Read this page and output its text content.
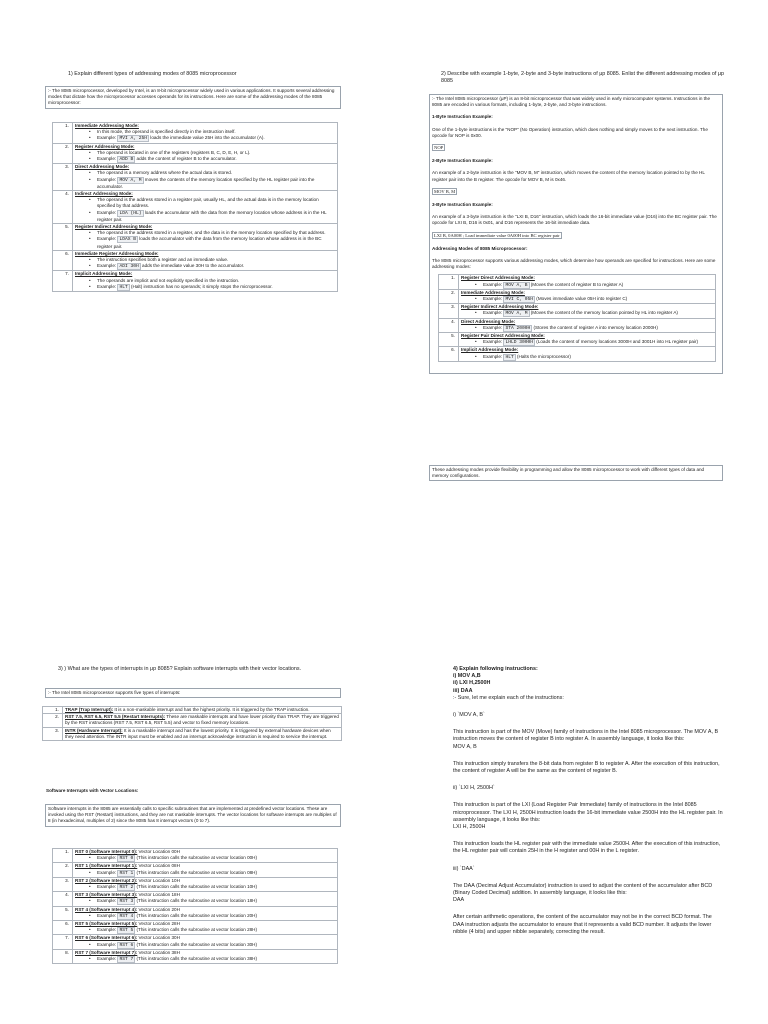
1) Explain different types of addressing modes of 8085 microprocessor
:- The 8085 microprocessor, developed by Intel, is an 8-bit microprocessor widely used in various applications. It supports several addressing modes that dictate how the microprocessor accesses operands for its instructions. Here are some of the addressing modes of the 8085 microprocessor:
1.	Immediate Addressing Mode:
• In this mode, the operand is specified directly in the instruction itself.
• Example: MVI A, 25H loads the immediate value 25H into the accumulator (A).

2.	Register Addressing Mode:
• The operand is located in one of the registers (registers B, C, D, E, H, or L).
• Example: ADD B adds the content of register B to the accumulator.

3.	Direct Addressing Mode:
• The operand is a memory address where the actual data is stored.
• Example: MOV A, M moves the contents of the memory location specified by the HL register pair into the accumulator.

4.	Indirect Addressing Mode:
• The operand is the address stored in a register pair, usually HL, and the actual data is in the memory location specified by that address.
• Example: LDA (HL) loads the accumulator with the data from the memory location whose address is in the HL register pair.

5.	Register Indirect Addressing Mode:
• The operand is the address stored in a register, and the data is in the memory location specified by that address.
• Example: LDAX B loads the accumulator with the data from the memory location whose address is in the BC register pair.

6.	Immediate Register Addressing Mode:
• The instruction specifies both a register and an immediate value.
• Example: ADI 30H adds the immediate value 30H to the accumulator.

7.	Implicit Addressing Mode:
• The operands are implicit and not explicitly specified in the instruction.
• Example: HLT (Halt) instruction has no operands; it simply stops the microprocessor.
2) Describe with example 1-byte, 2-byte and 3-byte instructions of μp 8085. Enlist the different addressing modes of μp 8085

:- The Intel 8085 microprocessor (μP) is an 8-bit microprocessor that was widely used in early microcomputer systems. Instructions in the 8085 are encoded in various formats, including 1-byte, 2-byte, and 3-byte instructions.

1-Byte Instruction Example:

One of the 1-byte instructions is the "NOP" (No Operation) instruction, which does nothing and simply moves to the next instruction. The opcode for NOP is 0x00.

NOP

2-Byte Instruction Example:

An example of a 2-byte instruction is the "MOV B, M" instruction, which moves the content of the memory location pointed to by the HL register pair into the B register. The opcode for MOV B, M is 0x46.

MOV B, M

3-Byte Instruction Example:

An example of a 3-byte instruction is the "LXI B, D16" instruction, which loads the 16-bit immediate value (D16) into the BC register pair. The opcode for LXI B, D16 is 0x01, and D16 represents the 16-bit immediate data.

LXI B, 0A00H ; Load immediate value 0A00H into BC register pair

Addressing Modes of 8085 Microprocessor:

The 8085 microprocessor supports various addressing modes, which determine how operands are specified for instructions. Here are some addressing modes:

1.	Register Direct Addressing Mode:
• Example: MOV A, B (Moves the content of register B to register A)

2.	Immediate Addressing Mode:
• Example: MVI C, 05H (Moves immediate value 05H into register C)

3.	Register Indirect Addressing Mode:
• Example: MOV A, M (Moves the content of the memory location pointed by HL into register A)

4.	Direct Addressing Mode:
• Example: STA 2000H (Stores the content of register A into memory location 2000H)

5.	Register Pair Direct Addressing Mode:
• Example: LHLD 3000H (Loads the content of memory locations 3000H and 3001H into HL register pair)

6.	Implicit Addressing Mode:
• Example: HLT (Halts the microprocessor)
These addressing modes provide flexibility in programming and allow the 8085 microprocessor to work with different types of data and memory configurations.
3) ) What are the types of interrupts in μp 8085? Explain software interrupts with their vector locations.
:- The Intel 8085 microprocessor supports five types of interrupts:
1.	TRAP (Trap Interrupt): It is a non-maskable interrupt and has the highest priority. It is triggered by the TRAP instruction.
2.	RST 7.5, RST 6.5, RST 5.5 (Restart Interrupts): These are maskable interrupts and have lower priority than TRAP. They are triggered by the RST instructions (RST 7.5, RST 6.5, RST 5.5) and vector to fixed memory locations.
3.	INTR (Hardware Interrupt): It is a maskable interrupt and has the lowest priority. It is triggered by external hardware devices when they need attention. The INTR input must be enabled and an interrupt acknowledge instruction is required to service the interrupt.
Software Interrupts with Vector Locations:
Software interrupts in the 8085 are essentially calls to specific subroutines that are implemented at predefined vector locations. These are invoked using the RST (Restart) instructions, and they are not maskable interrupts. The vector locations for software interrupts are multiples of 8 (in hexadecimal, multiples of 2) since the 8085 has 8 interrupt vectors (0 to 7).
1.	RST 0 (Software Interrupt 0): Vector Location 00H
• Example: RST 0 (This instruction calls the subroutine at vector location 00H)

2.	RST 1 (Software Interrupt 1): Vector Location 08H
• Example: RST 1 (This instruction calls the subroutine at vector location 08H)

3.	RST 2 (Software Interrupt 2): Vector Location 10H
• Example: RST 2 (This instruction calls the subroutine at vector location 10H)

4.	RST 3 (Software Interrupt 3): Vector Location 18H
• Example: RST 3 (This instruction calls the subroutine at vector location 18H)

5.	RST 4 (Software Interrupt 4): Vector Location 20H
• Example: RST 4 (This instruction calls the subroutine at vector location 20H)

6.	RST 5 (Software Interrupt 5): Vector Location 28H
• Example: RST 5 (This instruction calls the subroutine at vector location 28H)

7.	RST 6 (Software Interrupt 6): Vector Location 30H
• Example: RST 6 (This instruction calls the subroutine at vector location 30H)

8.	RST 7 (Software Interrupt 7): Vector Location 38H
• Example: RST 7 (This instruction calls the subroutine at vector location 38H)

4) Explain following instructions:

i) MOV A,B

ii) LXI H,2500H

iii) DAA

:- Sure, let me explain each of the instructions:

i) `MOV A, B`

This instruction is part of the MOV (Move) family of instructions in the Intel 8085 microprocessor. The MOV A, B instruction moves the content of register B into register A. In assembly language, it looks like this:

MOV A, B

This instruction simply transfers the 8-bit data from register B to register A. After the execution of this instruction, the content of register A will be the same as the content of register B.

ii) `LXI H, 2500H`

This instruction is part of the LXI (Load Register Pair Immediate) family of instructions in the Intel 8085 microprocessor. The LXI H, 2500H instruction loads the 16-bit immediate value 2500H into the HL register pair. In assembly language, it looks like this:

LXI H, 2500H

This instruction loads the HL register pair with the immediate value 2500H. After the execution of this instruction, the HL register pair will contain 25H in the H register and 00H in the L register.

iii) `DAA`

The DAA (Decimal Adjust Accumulator) instruction is used to adjust the content of the accumulator after BCD (Binary Coded Decimal) addition. In assembly language, it looks like this:

DAA

After certain arithmetic operations, the content of the accumulator may not be in the correct BCD format. The DAA instruction adjusts the accumulator to ensure that it represents a valid BCD number. It adjusts the lower nibble (4 bits) and upper nibble separately, correcting the result.
